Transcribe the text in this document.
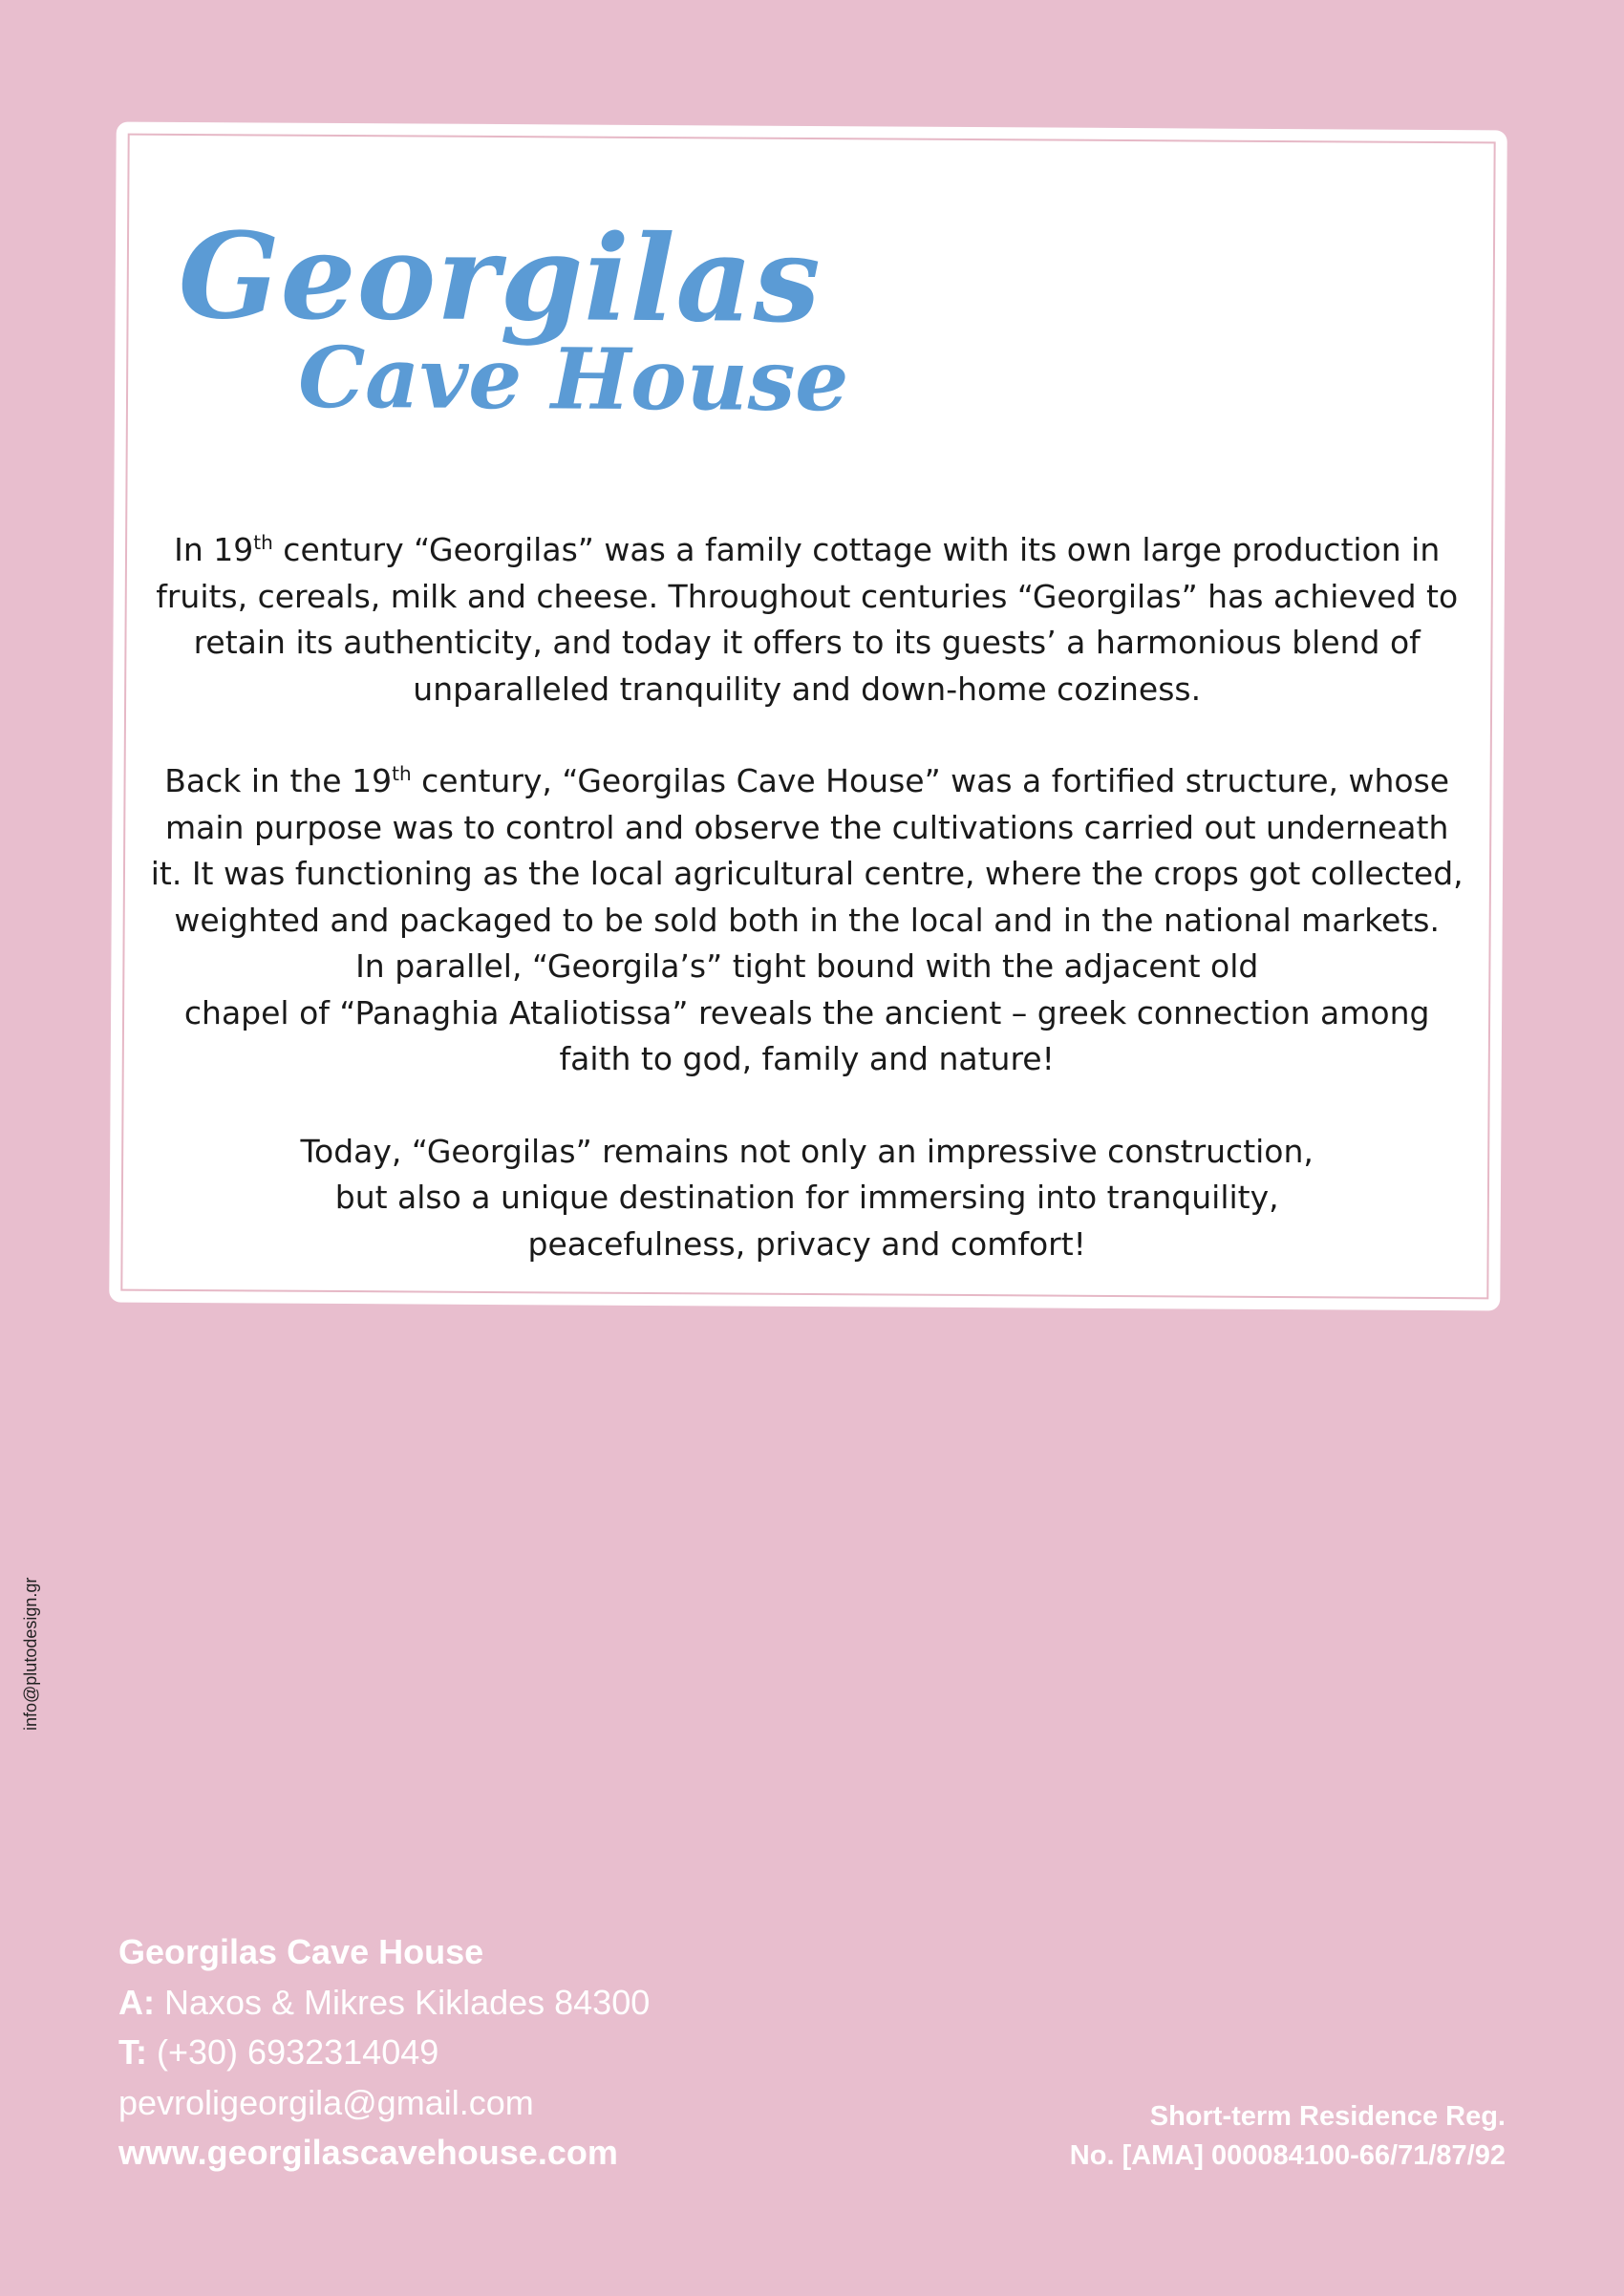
Georgilas
Cave House
In 19th century “Georgilas” was a family cottage with its own large production in
fruits, cereals, milk and cheese. Throughout centuries “Georgilas” has achieved to
retain its authenticity, and today it offers to its guests’ a harmonious blend of
unparalleled tranquility and down-home coziness.
Back in the 19th century, “Georgilas Cave House” was a fortified structure, whose
main purpose was to control and observe the cultivations carried out underneath
it. It was functioning as the local agricultural centre, where the crops got collected,
weighted and packaged to be sold both in the local and in the national markets.
In parallel, “Georgila’s” tight bound with the adjacent old
chapel of “Panaghia Ataliotissa” reveals the ancient – greek connection among
faith to god, family and nature!
Today, “Georgilas” remains not only an impressive construction,
but also a unique destination for immersing into tranquility,
peacefulness, privacy and comfort!
info@plutodesign.gr
Georgilas Cave House
A: Naxos & Mikres Kiklades 84300
T: (+30) 6932314049
pevroligeorgila@gmail.com
www.georgilascavehouse.com
Short-term Residence Reg.
No. [AMA] 000084100-66/71/87/92
